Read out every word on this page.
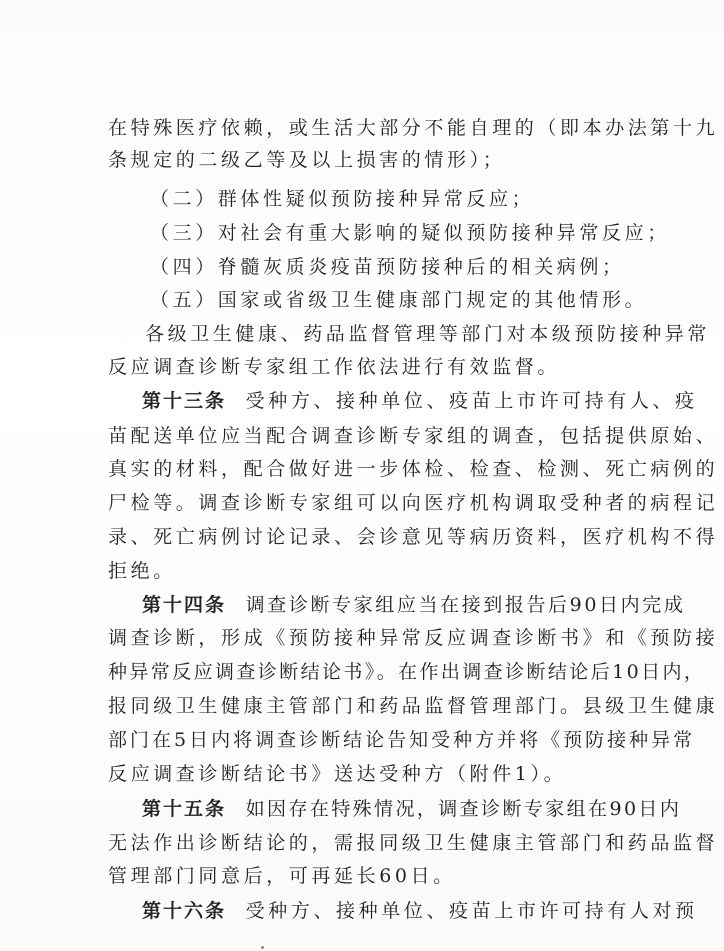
在特殊医疗依赖，或生活大部分不能自理的（即本办法第十九
条规定的二级乙等及以上损害的情形）；
（二）群体性疑似预防接种异常反应；
（三）对社会有重大影响的疑似预防接种异常反应；
（四）脊髓灰质炎疫苗预防接种后的相关病例；
（五）国家或省级卫生健康部门规定的其他情形。
各级卫生健康、药品监督管理等部门对本级预防接种异常
反应调查诊断专家组工作依法进行有效监督。
第十三条 受种方、接种单位、疫苗上市许可持有人、疫
苗配送单位应当配合调查诊断专家组的调查，包括提供原始、
真实的材料，配合做好进一步体检、检查、检测、死亡病例的
尸检等。调查诊断专家组可以向医疗机构调取受种者的病程记
录、死亡病例讨论记录、会诊意见等病历资料，医疗机构不得
拒绝。
第十四条 调查诊断专家组应当在接到报告后90日内完成
调查诊断，形成《预防接种异常反应调查诊断书》和《预防接
种异常反应调查诊断结论书》。在作出调查诊断结论后10日内，
报同级卫生健康主管部门和药品监督管理部门。县级卫生健康
部门在5日内将调查诊断结论告知受种方并将《预防接种异常
反应调查诊断结论书》送达受种方（附件1）。
第十五条 如因存在特殊情况，调查诊断专家组在90日内
无法作出诊断结论的，需报同级卫生健康主管部门和药品监督
管理部门同意后，可再延长60日。
第十六条 受种方、接种单位、疫苗上市许可持有人对预
